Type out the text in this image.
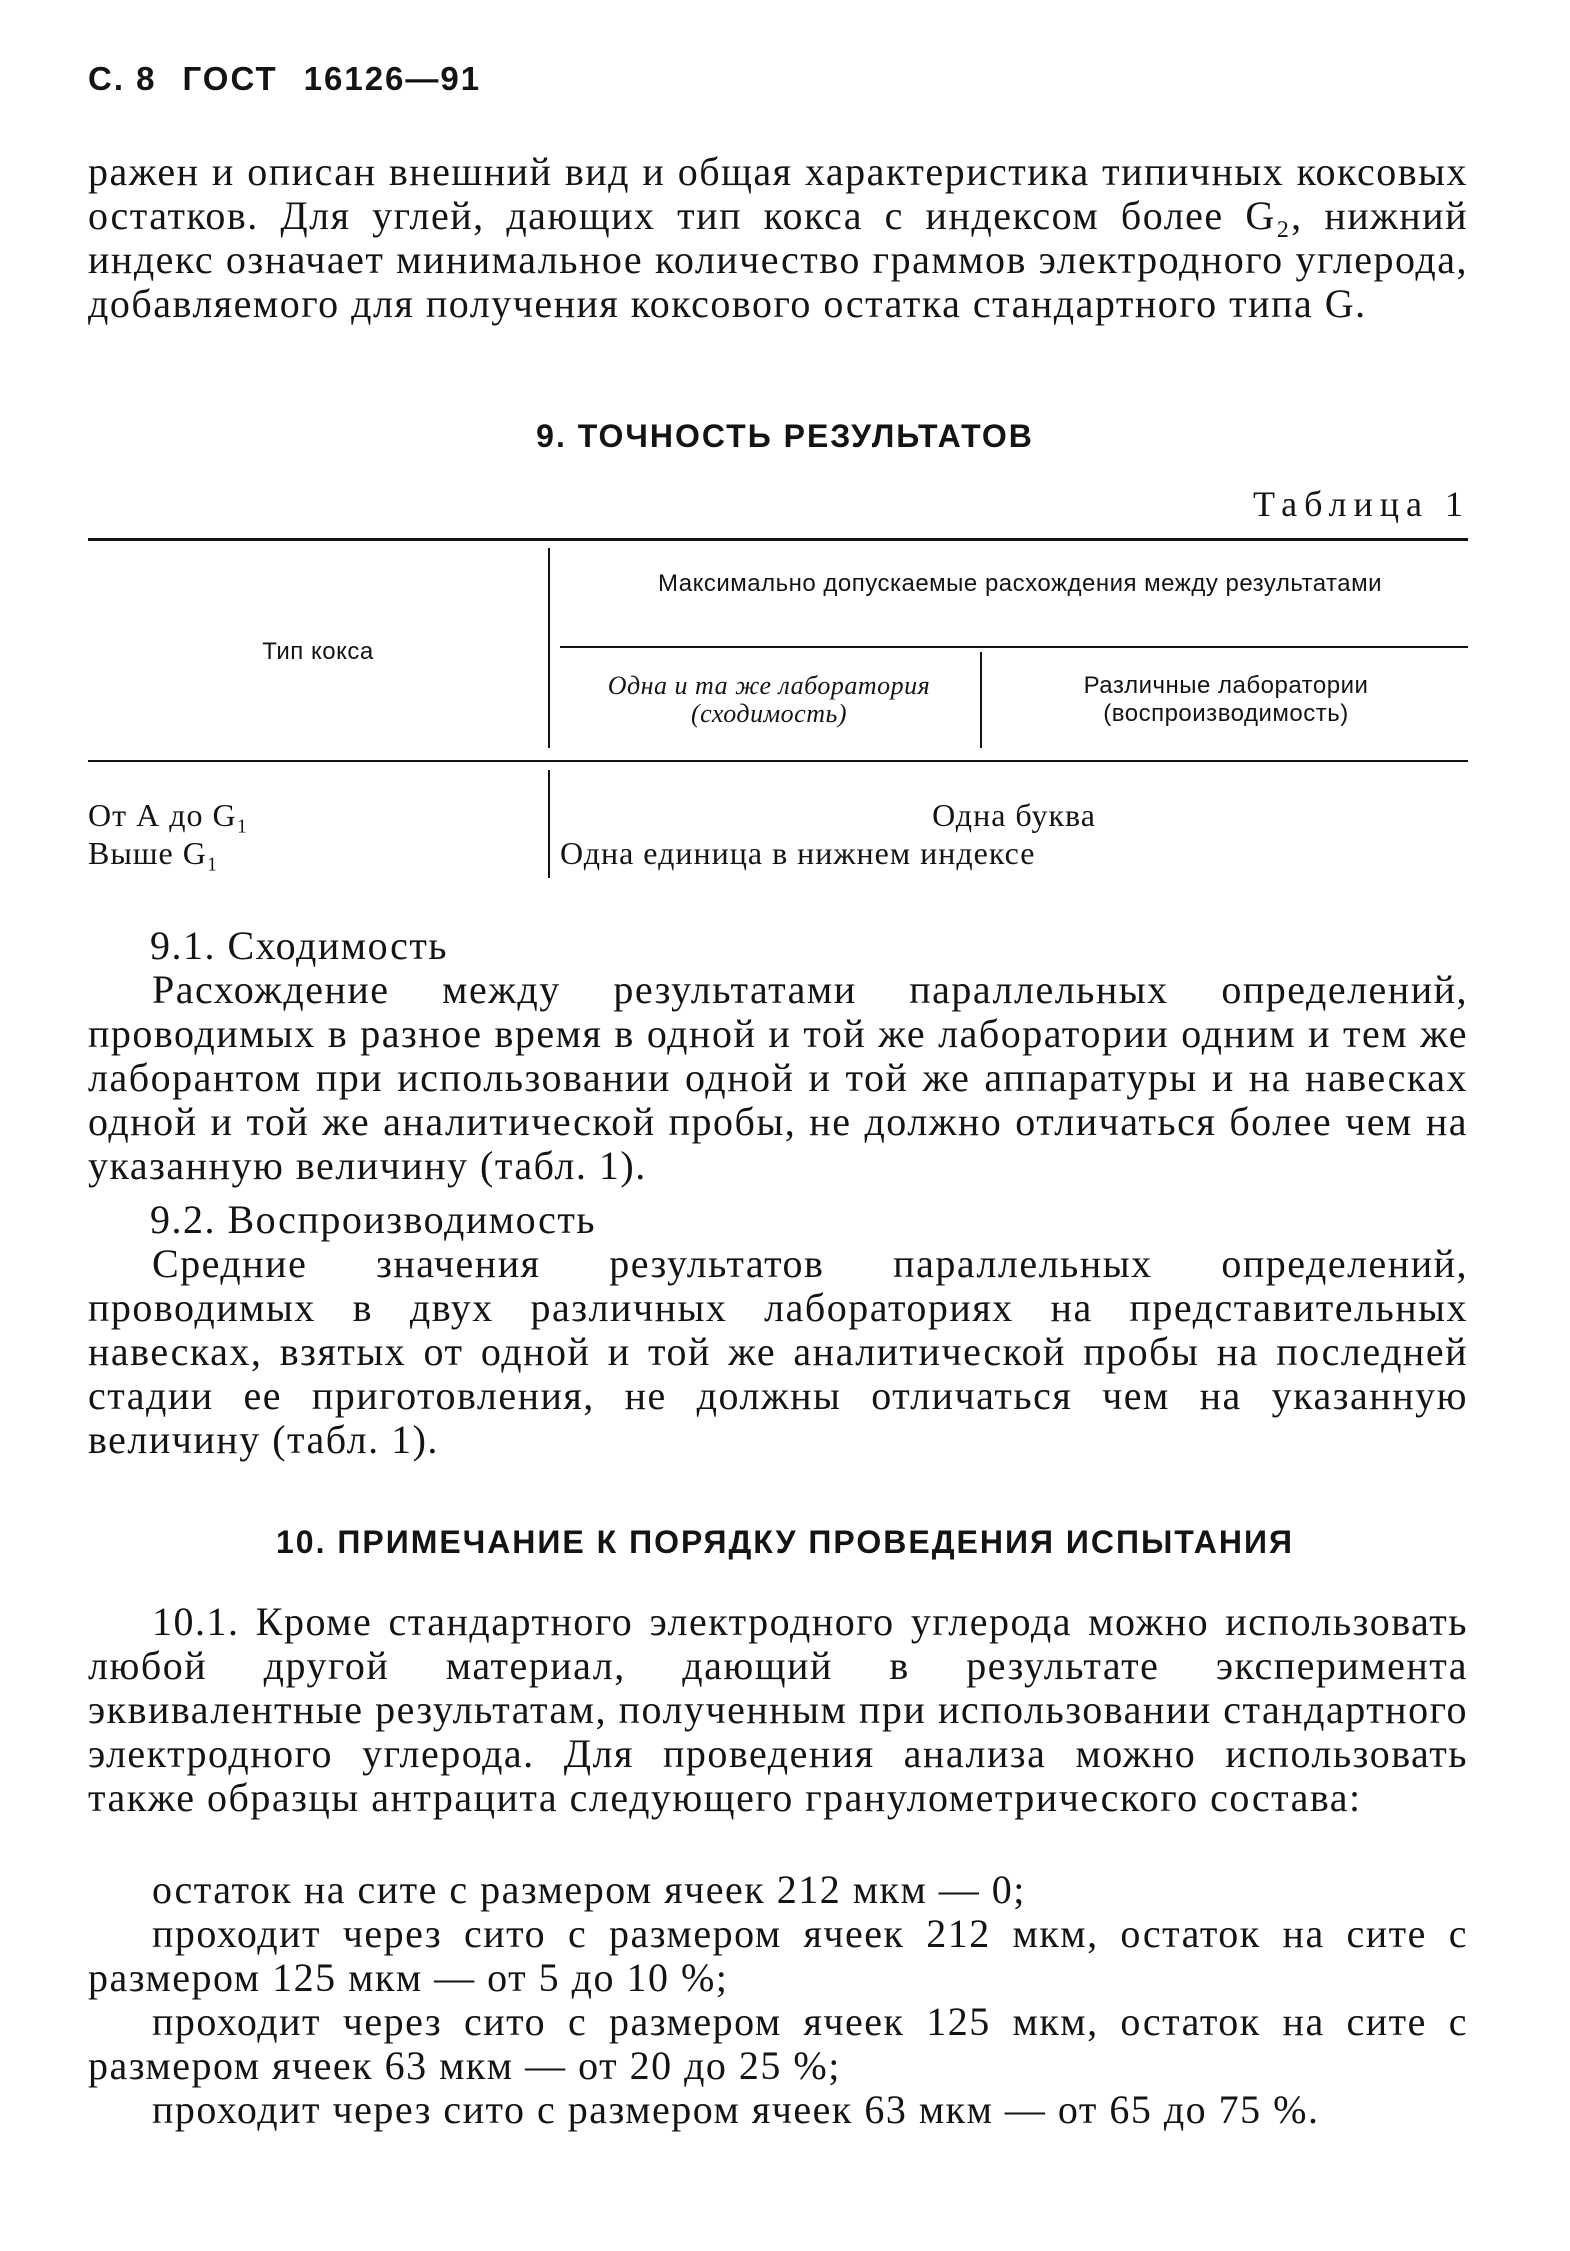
С. 8 ГОСТ 16126—91
ражен и описан внешний вид и общая характеристика типичных коксовых остатков. Для углей, дающих тип кокса с индексом более G₂, нижний индекс означает минимальное количество граммов электродного углерода, добавляемого для получения коксового остатка стандартного типа G.
9. ТОЧНОСТЬ РЕЗУЛЬТАТОВ
Таблица 1
Тип кокса
Максимально допускаемые расхождения между результатами
Одна и та же лаборатория
(сходимость)
Различные лаборатории
(воспроизводимость)
От А до G₁	Одна буква
Выше G₁	Одна единица в нижнем индексе
9.1. Сходимость
Расхождение между результатами параллельных определений, проводимых в разное время в одной и той же лаборатории одним и тем же лаборантом при использовании одной и той же аппаратуры и на навесках одной и той же аналитической пробы, не должно отличаться более чем на указанную величину (табл. 1).
9.2. Воспроизводимость
Средние значения результатов параллельных определений, проводимых в двух различных лабораториях на представительных навесках, взятых от одной и той же аналитической пробы на последней стадии ее приготовления, не должны отличаться чем на указанную величину (табл. 1).
10. ПРИМЕЧАНИЕ К ПОРЯДКУ ПРОВЕДЕНИЯ ИСПЫТАНИЯ
10.1. Кроме стандартного электродного углерода можно использовать любой другой материал, дающий в результате эксперимента эквивалентные результатам, полученным при использовании стандартного электродного углерода. Для проведения анализа можно использовать также образцы антрацита следующего гранулометрического состава:
остаток на сите с размером ячеек 212 мкм — 0;
проходит через сито с размером ячеек 212 мкм, остаток на сите с размером 125 мкм — от 5 до 10 %;
проходит через сито с размером ячеек 125 мкм, остаток на сите с размером ячеек 63 мкм — от 20 до 25 %;
проходит через сито с размером ячеек 63 мкм — от 65 до 75 %.
